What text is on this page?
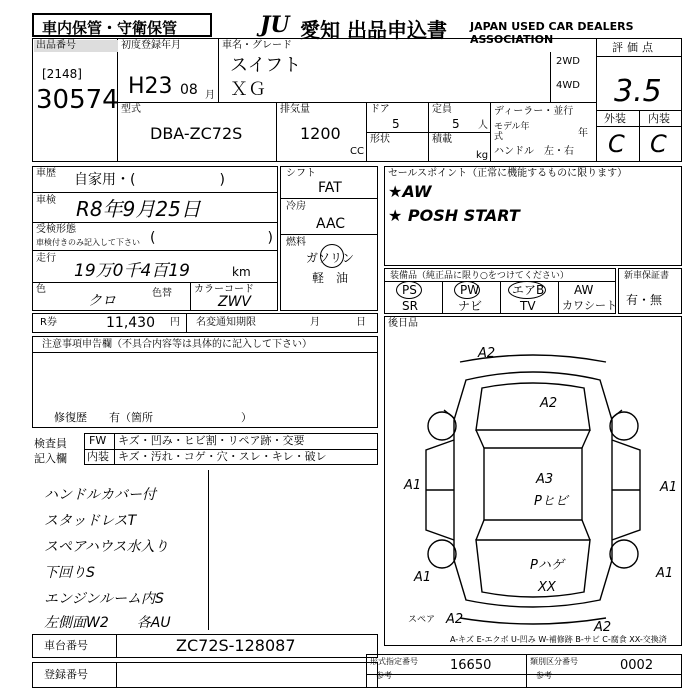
車内保管・守衛保管	JU 愛知 出品申込書 JAPAN USED CAR DEALERS ASSOCIATION
出品番号
[2148]
30574
初度登録年月
H23 08 月
車名・グレード
スイフト
ＸＧ
2WD
4WD
評価点
3.5
外装 内装
C C
型式
DBA-ZC72S
排気量
1200
CC
ドア
5
形状
定員
5 人
積載
kg
ディーラー・並行
モデル年式	年
ハンドル　左・右
車歴 自家用・(　　　　　　)
車検 R8年9月25日
受検形態
車検付きのみ記入して下さい (　　　　　　　　)
走行
19万0千4百19	km
色
クロ	色替 カラーコード
ZWV
R券	11,430 円 名変通知期限	月	日
シフト
FAT
冷房
AAC
燃料
ガソリン
軽　油
セールスポイント（正常に機能するものに限ります）
★AW
★ POSH START
装備品（純正品に限り○をつけてください）
PS	PW	エアB AW
SR	ナビ	TV カワシート
新車保証書
有・無
後日品
注意事項申告欄（不具合内容等は具体的に記入して下さい）
修復歴　　有（箇所　　　　　　　　）
検査員記入欄
FW キズ・凹み・ヒビ割・リペア跡・交要
内装 キズ・汚れ・コゲ・穴・スレ・キレ・破レ
ハンドルカバー付
スタッドレスT
スペアハウス水入り
下回りS
エンジンルーム内S
左側面W2　　各AU
A2
A2
A1	A1
A3
Pヒビ
Pハゲ
XX
A1	A1
A2
A2
スペア
A-キズ E-エクボ U-凹み W-補修跡 B-サビ C-腐食 XX-交換済
車台番号	ZC72S-128087
登録番号
形式指定番号
参考
16650	類別区分番号
参考
0002
